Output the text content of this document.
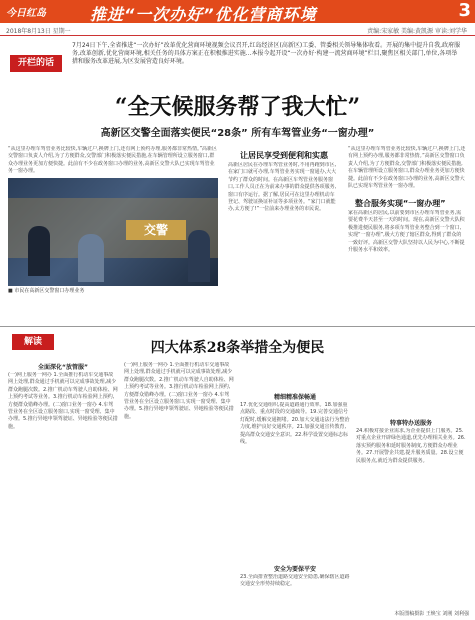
今日红岛	推进“一次办好”优化营商环境	3
2018年8月13日 星期一	责编:宋家敏 美编:黄凯源 审读:刘学华
开栏的话
7月24日下午,全省推进“一次办好”改革优化营商环境视频会议召开,红岛经济区(高新区)工委、管委相关领导集体收看。开展的集中提升自我,政府服务,改革创新,优化营商环境,相关任务的具体方案正在积极推进实施...本报今起开设“一次办好·构建一流营商环境”栏目,聚焦区相关部门,单位,各项举措和服务改革进展,为区发展营造良好环境。
“全天候服务帮了我大忙”
高新区交警全面落实便民“28条” 所有车驾管业务“一窗办理”
“从这里办理车驾管业务比较快,车辆过户,换牌上门,还有网上预约办理,服务都非常热情。”高新区交警窗口负责人介绍,为了方便群众,交警部门积极落实便民措施,在车辆管理所设立服务窗口,群众办理业务更加方便快捷。此前有不少在政务窗口办理的业务,高新区交警大队已实现车驾管业务一窗办理。
交警
■ 市民在高新区交警窗口办理业务
让居民享受到便利和实惠
高新区居民在办理车驾管业务时,不用再跑到市区,在家门口就可办理,车驾管业务实现一窗通办,大大节约了群众的时间。在高新区车驾管业务服务窗口,工作人员正在为前来办事的群众提供各项服务,窗口有序运行。据了解,居民可在这里办理机动车登记、驾驶证换证补证等多项业务。“家门口就能办,太方便了!”一位前来办理业务的市民说。
“从这里办理车驾管业务比较快,车辆过户,换牌上门,还有网上预约办理,服务都非常热情。”高新区交警窗口负责人介绍,为了方便群众,交警部门积极落实便民措施,在车辆管理所设立服务窗口,群众办理业务更加方便快捷。此前有不少在政务窗口办理的业务,高新区交警大队已实现车驾管业务一窗办理。
整合服务实现“一窗办理”
家在高新区的居民,以前要到市区办理车驾管业务,需要花费半天甚至一天的时间。现在,高新区交警大队积极推进便民服务,将多项车驾管业务整合到一个窗口,实现“一窗办理”,极大方便了辖区群众,得到了群众的一致好评。高新区交警大队坚持以人民为中心,不断提升服务水平和效率。
解读	四大体系28条举措全为便民
全面深化“放管服”
(一)网上服务一网办 1.全面推行机动车交通事故网上处理,群众通过手机就可以完成事故处理,减少群众跑腿次数。2.推广机动车驾驶人自助体检、网上预约考试等业务。3.推行机动车检验网上预约,方便群众错峰办理。(二)窗口业务一窗办 4.车驾管业务在全区设立服务窗口,实现一窗受理、集中办理。5.推行异地申领驾驶证、异地检验等便民措施。
(一)网上服务一网办 1.全面推行机动车交通事故网上处理,群众通过手机就可以完成事故处理,减少群众跑腿次数。2.推广机动车驾驶人自助体检、网上预约考试等业务。3.推行机动车检验网上预约,方便群众错峰办理。(二)窗口业务一窗办 4.车驾管业务在全区设立服务窗口,实现一窗受理、集中办理。5.推行异地申领驾驶证、异地检验等便民措施。
精细精准保畅通
17.优化交通组织,提高道路通行效率。18.加强重点路段、重点时段的交通疏导。19.完善交通信号灯配时,缓解交通拥堵。20.加大交通违法行为整治力度,维护良好交通秩序。21.加强交通宣传教育,提高群众交通安全意识。22.科学设置交通标志标线。
安全为要保平安
23.全面排查整治道路交通安全隐患,确保辖区道路交通安全形势持续稳定。
特事特办送服务
24.积极对接企业需求,为企业提供上门服务。25.对重点企业开辟绿色通道,优先办理相关业务。26.落实预约服务和延时服务制度,方便群众办理业务。27.开展警企共建,提升服务质量。28.设立便民服务点,就近为群众提供服务。
本版图稿摄影 王焕宝 刘刚 刘利强
